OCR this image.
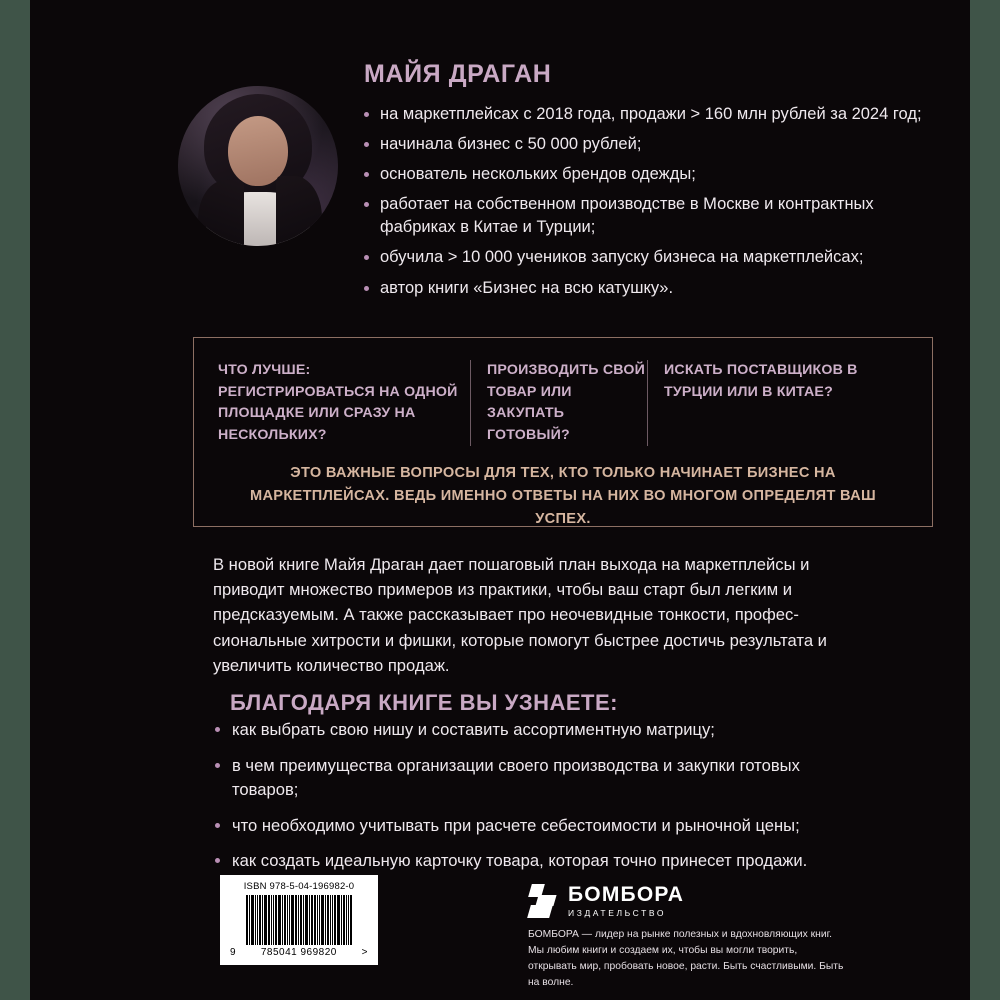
МАЙЯ ДРАГАН
на маркетплейсах с 2018 года, продажи > 160 млн рублей за 2024 год;
начинала бизнес с 50 000 рублей;
основатель нескольких брендов одежды;
работает на собственном производстве в Москве и контрактных фабриках в Китае и Турции;
обучила > 10 000 учеников запуску бизнеса на маркетплейсах;
автор книги «Бизнес на всю катушку».
ЧТО ЛУЧШЕ: РЕГИСТРИРОВАТЬСЯ НА ОДНОЙ ПЛОЩАДКЕ ИЛИ СРАЗУ НА НЕСКОЛЬКИХ?
ПРОИЗВОДИТЬ СВОЙ ТОВАР ИЛИ ЗАКУПАТЬ ГОТОВЫЙ?
ИСКАТЬ ПОСТАВЩИКОВ В ТУРЦИИ ИЛИ В КИТАЕ?
ЭТО ВАЖНЫЕ ВОПРОСЫ ДЛЯ ТЕХ, КТО ТОЛЬКО НАЧИНАЕТ БИЗНЕС НА МАРКЕТПЛЕЙСАХ. ВЕДЬ ИМЕННО ОТВЕТЫ НА НИХ ВО МНОГОМ ОПРЕДЕЛЯТ ВАШ УСПЕХ.
В новой книге Майя Драган дает пошаговый план выхода на маркетплейсы и приводит множество примеров из практики, чтобы ваш старт был легким и предсказуемым. А также рассказывает про неочевидные тонкости, профес-сиональные хитрости и фишки, которые помогут быстрее достичь результата и увеличить количество продаж.
БЛАГОДАРЯ КНИГЕ ВЫ УЗНАЕТЕ:
как выбрать свою нишу и составить ассортиментную матрицу;
в чем преимущества организации своего производства и закупки готовых товаров;
что необходимо учитывать при расчете себестоимости и рыночной цены;
как создать идеальную карточку товара, которая точно принесет продажи.
ISBN 978-5-04-196982-0
9 785041 969820 >
БОМБОРА
ИЗДАТЕЛЬСТВО
БОМБОРА — лидер на рынке полезных и вдохновляющих книг. Мы любим книги и создаем их, чтобы вы могли творить, открывать мир, пробовать новое, расти. Быть счастливыми. Быть на волне.
